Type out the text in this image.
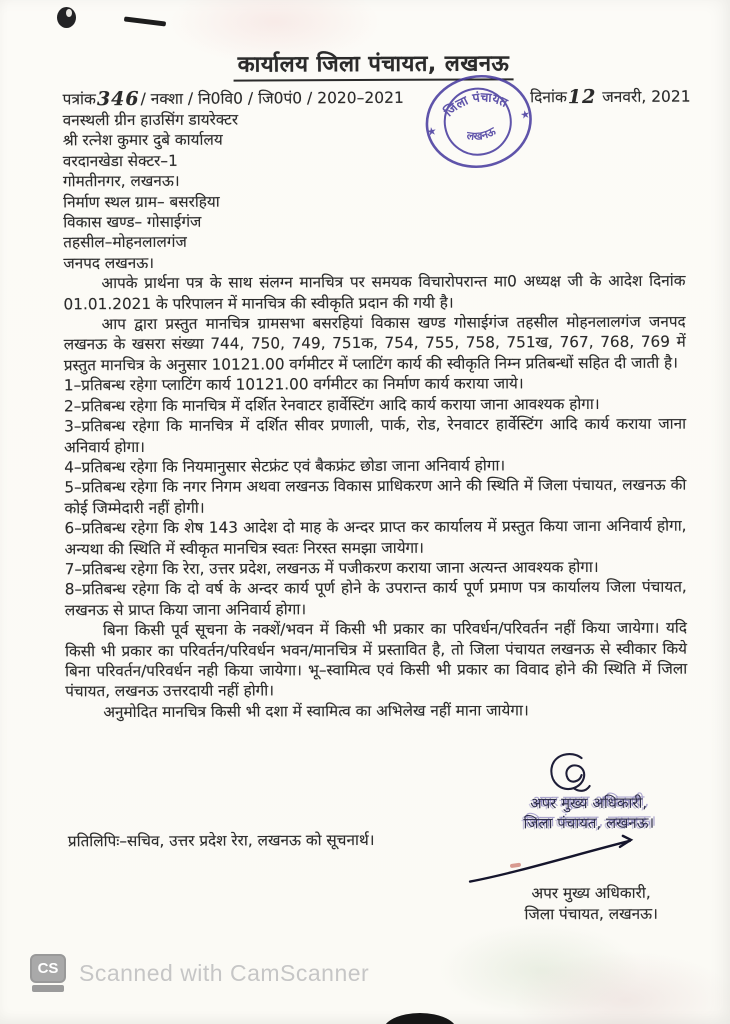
कार्यालय जिला पंचायत, लखनऊ
पत्रांक346/ नक्शा / नि0वि0 / जि0पं0 / 2020–2021	दिनांक12 जनवरी, 2021
जिला पंचायत
लखनऊ
★
★
वनस्थली ग्रीन हाउसिंग डायरेक्टर
श्री रत्नेश कुमार दुबे कार्यालय
वरदानखेडा सेक्टर–1
गोमतीनगर, लखनऊ।
निर्माण स्थल ग्राम– बसरहिया
विकास खण्ड– गोसाईगंज
तहसील–मोहनलालगंज
जनपद लखनऊ।

आपके प्रार्थना पत्र के साथ संलग्न मानचित्र पर समयक विचारोपरान्त मा0 अध्यक्ष जी के आदेश दिनांक 01.01.2021 के परिपालन में मानचित्र की स्वीकृति प्रदान की गयी है।

आप द्वारा प्रस्तुत मानचित्र ग्रामसभा बसरहियां विकास खण्ड गोसाईगंज तहसील मोहनलालगंज जनपद लखनऊ के खसरा संख्या 744, 750, 749, 751क, 754, 755, 758, 751ख, 767, 768, 769 में प्रस्तुत मानचित्र के अनुसार 10121.00 वर्गमीटर में प्लाटिंग कार्य की स्वीकृति निम्न प्रतिबन्धों सहित दी जाती है।

1–प्रतिबन्ध रहेगा प्लाटिंग कार्य 10121.00 वर्गमीटर का निर्माण कार्य कराया जाये।

2–प्रतिबन्ध रहेगा कि मानचित्र में दर्शित रेनवाटर हार्वेस्टिंग आदि कार्य कराया जाना आवश्यक होगा।

3–प्रतिबन्ध रहेगा कि मानचित्र में दर्शित सीवर प्रणाली, पार्क, रोड, रेनवाटर हार्वेस्टिंग आदि कार्य कराया जाना अनिवार्य होगा।

4–प्रतिबन्ध रहेगा कि नियमानुसार सेटफ्रंट एवं बैकफ्रंट छोडा जाना अनिवार्य होगा।

5–प्रतिबन्ध रहेगा कि नगर निगम अथवा लखनऊ विकास प्राधिकरण आने की स्थिति में जिला पंचायत, लखनऊ की कोई जिम्मेदारी नहीं होगी।

6–प्रतिबन्ध रहेगा कि शेष 143 आदेश दो माह के अन्दर प्राप्त कर कार्यालय में प्रस्तुत किया जाना अनिवार्य होगा, अन्यथा की स्थिति में स्वीकृत मानचित्र स्वतः निरस्त समझा जायेगा।

7–प्रतिबन्ध रहेगा कि रेरा, उत्तर प्रदेश, लखनऊ में पजीकरण कराया जाना अत्यन्त आवश्यक होगा।

8–प्रतिबन्ध रहेगा कि दो वर्ष के अन्दर कार्य पूर्ण होने के उपरान्त कार्य पूर्ण प्रमाण पत्र कार्यालय जिला पंचायत, लखनऊ से प्राप्त किया जाना अनिवार्य होगा।

बिना किसी पूर्व सूचना के नक्शें/भवन में किसी भी प्रकार का परिवर्धन/परिवर्तन नहीं किया जायेगा। यदि किसी भी प्रकार का परिवर्तन/परिवर्धन भवन/मानचित्र में प्रस्तावित है, तो जिला पंचायत लखनऊ से स्वीकार किये बिना परिवर्तन/परिवर्धन नही किया जायेगा। भू–स्वामित्व एवं किसी भी प्रकार का विवाद होने की स्थिति में जिला पंचायत, लखनऊ उत्तरदायी नहीं होगी।

अनुमोदित मानचित्र किसी भी दशा में स्वामित्व का अभिलेख नहीं माना जायेगा।

अपर मुख्य अधिकारी,
जिला पंचायत, लखनऊ।
प्रतिलिपिः–सचिव, उत्तर प्रदेश रेरा, लखनऊ को सूचनार्थ।
अपर मुख्य अधिकारी,
जिला पंचायत, लखनऊ।
CS Scanned with CamScanner
